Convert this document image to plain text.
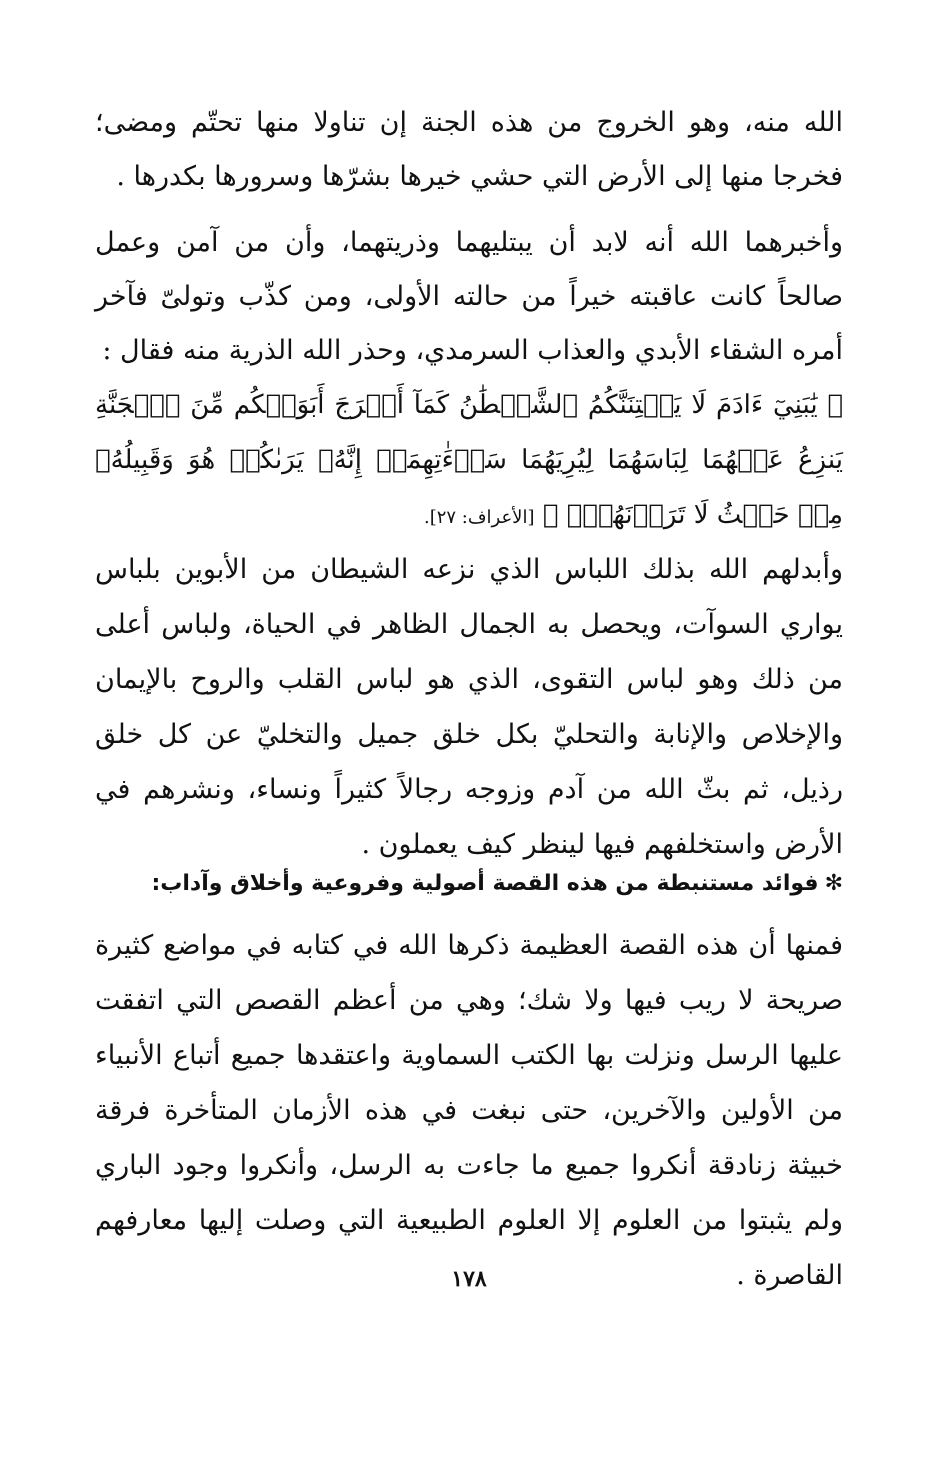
الله منه، وهو الخروج من هذه الجنة إن تناولا منها تحتّم ومضى؛ فخرجا منها إلى الأرض التي حشي خيرها بشرّها وسرورها بكدرها .

وأخبرهما الله أنه لابد أن يبتليهما وذريتهما، وأن من آمن وعمل صالحاً كانت عاقبته خيراً من حالته الأولى، ومن كذّب وتولىّ فآخر أمره الشقاء الأبدي والعذاب السرمدي، وحذر الله الذرية منه فقال :

﴿ يَٰبَنِيٓ ءَادَمَ لَا يَفۡتِنَنَّكُمُ ٱلشَّيۡطَٰنُ كَمَآ أَخۡرَجَ أَبَوَيۡكُم مِّنَ ٱلۡجَنَّةِ يَنزِعُ عَنۡهُمَا لِبَاسَهُمَا لِيُرِيَهُمَا سَوۡءَٰتِهِمَآۚ إِنَّهُۥ يَرَىٰكُمۡ هُوَ وَقَبِيلُهُۥ مِنۡ حَيۡثُ لَا تَرَوۡنَهُمۡۗ ﴾ [الأعراف: ٢٧].

وأبدلهم الله بذلك اللباس الذي نزعه الشيطان من الأبوين بلباس يواري السوآت، ويحصل به الجمال الظاهر في الحياة، ولباس أعلى من ذلك وهو لباس التقوى، الذي هو لباس القلب والروح بالإيمان والإخلاص والإنابة والتحليّ بكل خلق جميل والتخليّ عن كل خلق رذيل، ثم بثّ الله من آدم وزوجه رجالاً كثيراً ونساء، ونشرهم في الأرض واستخلفهم فيها لينظر كيف يعملون .

✻فوائد مستنبطة من هذه القصة أصولية وفروعية وأخلاق وآداب:

فمنها أن هذه القصة العظيمة ذكرها الله في كتابه في مواضع كثيرة صريحة لا ريب فيها ولا شك؛ وهي من أعظم القصص التي اتفقت عليها الرسل ونزلت بها الكتب السماوية واعتقدها جميع أتباع الأنبياء من الأولين والآخرين، حتى نبغت في هذه الأزمان المتأخرة فرقة خبيثة زنادقة أنكروا جميع ما جاءت به الرسل، وأنكروا وجود الباري ولم يثبتوا من العلوم إلا العلوم الطبيعية التي وصلت إليها معارفهم القاصرة .

١٧٨
